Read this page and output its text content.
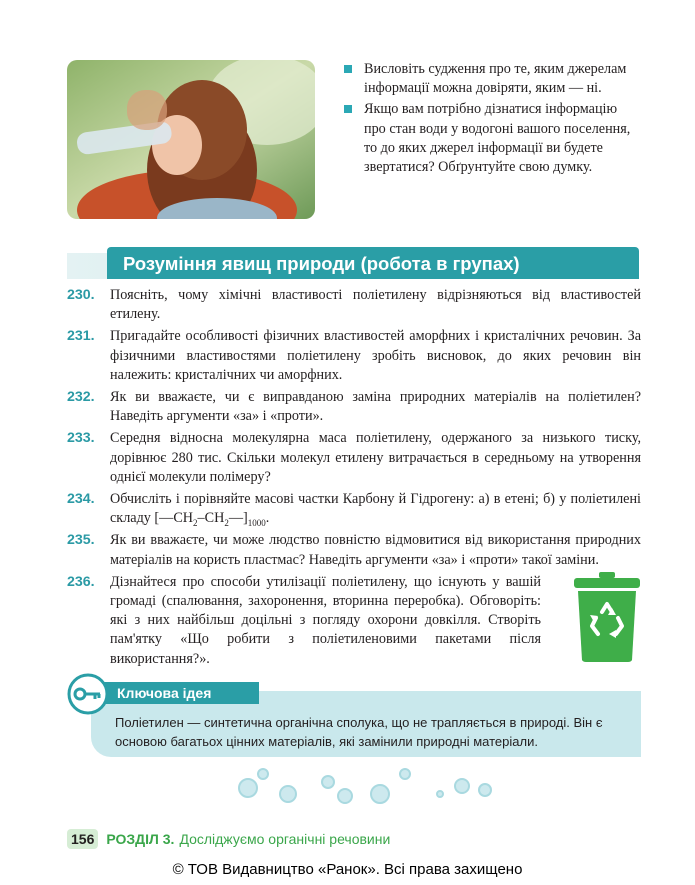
Висловіть судження про те, яким джерелам інформації можна довіряти, яким — ні.
Якщо вам потрібно дізнатися інформацію про стан води у водогоні вашого поселення, то до яких джерел інформації ви будете звертатися? Обґрунтуйте свою думку.
Розуміння явищ природи (робота в групах)
230.	Поясніть, чому хімічні властивості поліетилену відрізняються від властивостей етилену.
231.	Пригадайте особливості фізичних властивостей аморфних і кристалічних речовин. За фізичними властивостями поліетилену зробіть висновок, до яких речовин він належить: кристалічних чи аморфних.
232.	Як ви вважаєте, чи є виправданою заміна природних матеріалів на поліетилен? Наведіть аргументи «за» і «проти».
233.	Середня відносна молекулярна маса поліетилену, одержаного за низького тиску, дорівнює 280 тис. Скільки молекул етилену витрачається в середньому на утворення однієї молекули полімеру?
234.	Обчисліть і порівняйте масові частки Карбону й Гідрогену: а) в етені; б) у поліетилені складу $[—CH_2-CH_2—]_{1000}$.
235.	Як ви вважаєте, чи може людство повністю відмовитися від використання природних матеріалів на користь пластмас? Наведіть аргументи «за» і «проти» такої заміни.
236.	Дізнайтеся про способи утилізації поліетилену, що існують у вашій громаді (спалювання, захоронення, вторинна переробка). Обговоріть: які з них найбільш доцільні з погляду охорони довкілля. Створіть пам'ятку «Що робити з поліетиленовими пакетами після використання?».
Ключова ідея
Поліетилен — синтетична органічна сполука, що не трапляється в природі. Він є основою багатьох цінних матеріалів, які замінили природні матеріали.
156 РОЗДІЛ 3. Досліджуємо органічні речовини
© ТОВ Видавництво «Ранок». Всі права захищено
